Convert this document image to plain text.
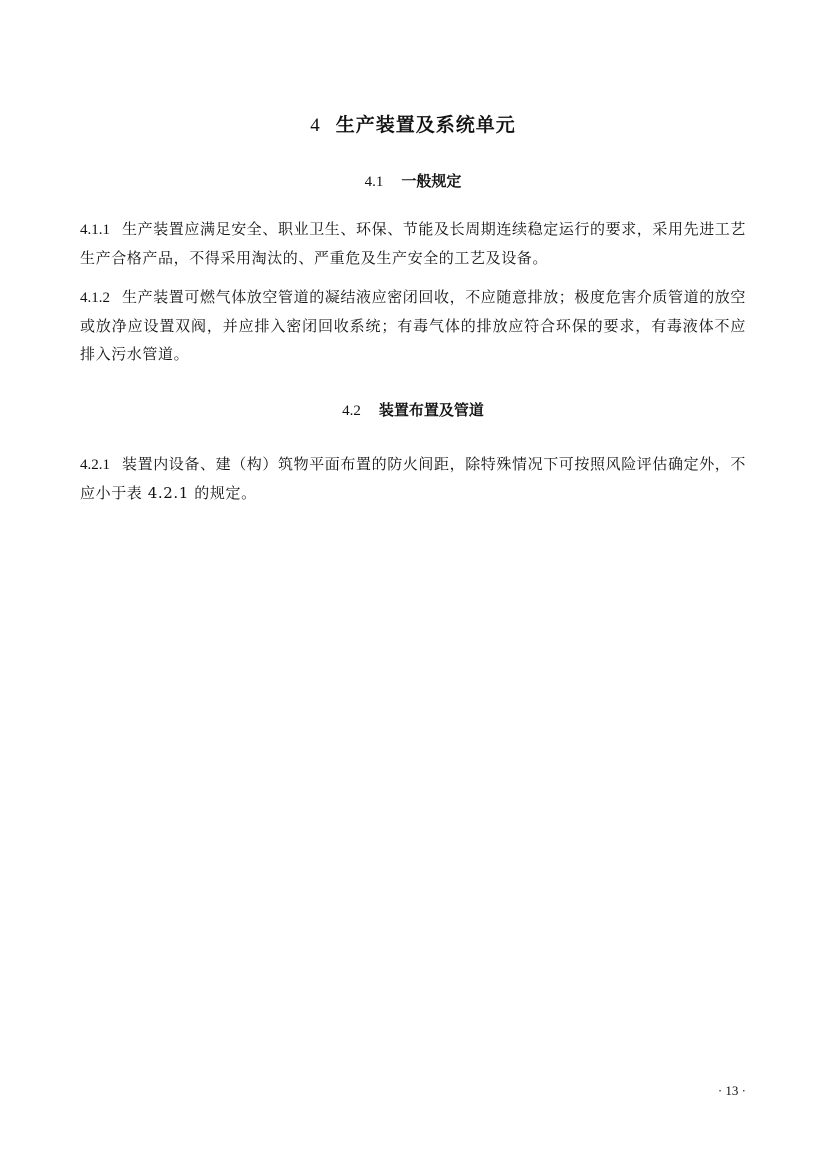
4 生产装置及系统单元
4.1 一般规定

4.1.1 生产装置应满足安全、职业卫生、环保、节能及长周期连续稳定运行的要求，采用先进工艺生产合格产品，不得采用淘汰的、严重危及生产安全的工艺及设备。

4.1.2 生产装置可燃气体放空管道的凝结液应密闭回收，不应随意排放；极度危害介质管道的放空或放净应设置双阀，并应排入密闭回收系统；有毒气体的排放应符合环保的要求，有毒液体不应排入污水管道。

4.2 装置布置及管道

4.2.1 装置内设备、建（构）筑物平面布置的防火间距，除特殊情况下可按照风险评估确定外，不应小于表 4.2.1 的规定。

· 13 ·
